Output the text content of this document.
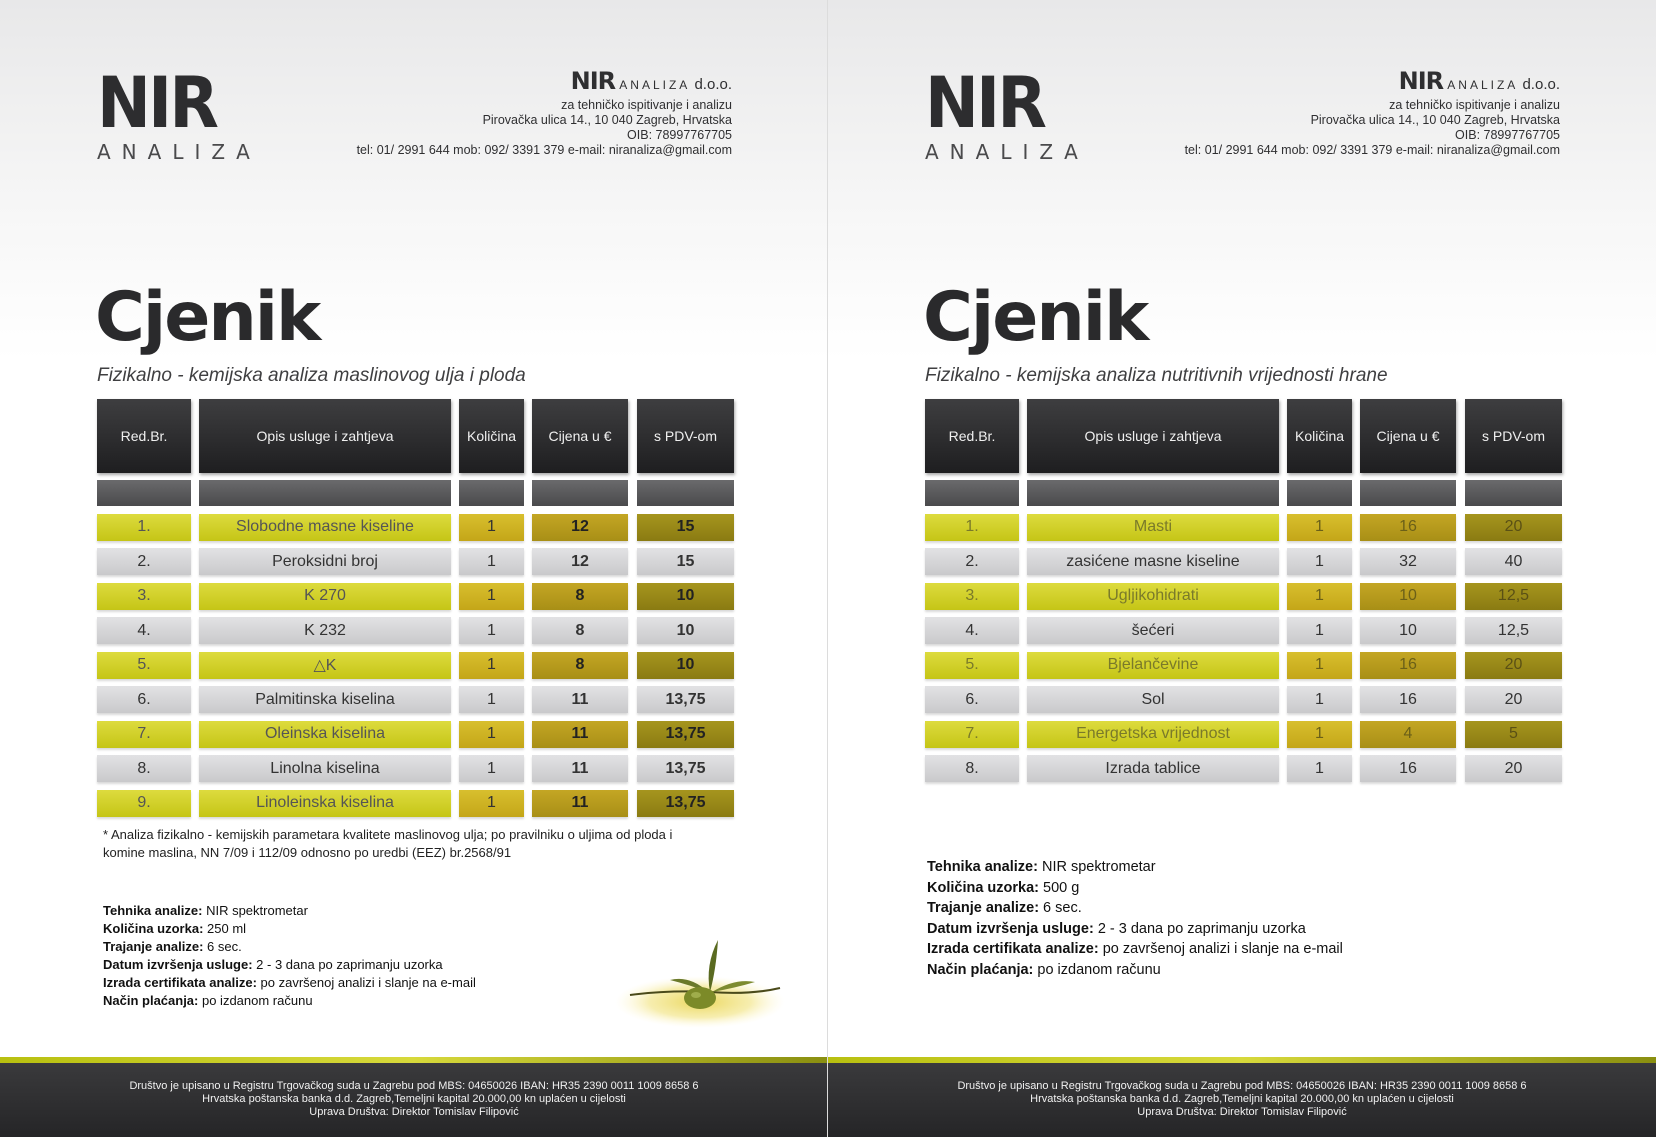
NIR
ANALIZA
NIR ANALIZA d.o.o.
za tehničko ispitivanje i analizu
Pirovačka ulica 14., 10 040 Zagreb, Hrvatska
OIB: 78997767705
tel: 01/ 2991 644 mob: 092/ 3391 379 e-mail: niranaliza@gmail.com
Cjenik
Fizikalno - kemijska analiza maslinovog ulja i ploda
Red.Br.	Opis usluge i zahtjeva	Količina	Cijena u €	s PDV-om
1.	Slobodne masne kiseline	1	12	15
2.	Peroksidni broj	1	12	15
3.	K 270	1	8	10
4.	K 232	1	8	10
5.	△K	1	8	10
6.	Palmitinska kiselina	1	11	13,75
7.	Oleinska kiselina	1	11	13,75
8.	Linolna kiselina	1	11	13,75
9.	Linoleinska kiselina	1	11	13,75
* Analiza fizikalno - kemijskih parametara kvalitete maslinovog ulja; po pravilniku o uljima od ploda i
komine maslina, NN 7/09 i 112/09 odnosno po uredbi (EEZ) br.2568/91
Tehnika analize: NIR spektrometar
Količina uzorka: 250 ml
Trajanje analize: 6 sec.
Datum izvršenja usluge: 2 - 3 dana po zaprimanju uzorka
Izrada certifikata analize: po završenoj analizi i slanje na e-mail
Način plaćanja: po izdanom računu
Društvo je upisano u Registru Trgovačkog suda u Zagrebu pod MBS: 04650026 IBAN: HR35 2390 0011 1009 8658 6
Hrvatska poštanska banka d.d. Zagreb,Temeljni kapital 20.000,00 kn uplaćen u cijelosti
Uprava Društva: Direktor Tomislav Filipović
NIR
ANALIZA
NIR ANALIZA d.o.o.
za tehničko ispitivanje i analizu
Pirovačka ulica 14., 10 040 Zagreb, Hrvatska
OIB: 78997767705
tel: 01/ 2991 644 mob: 092/ 3391 379 e-mail: niranaliza@gmail.com
Cjenik
Fizikalno - kemijska analiza nutritivnih vrijednosti hrane
Red.Br.	Opis usluge i zahtjeva	Količina	Cijena u €	s PDV-om
1.	Masti	1	16	20
2.	zasićene masne kiseline	1	32	40
3.	Ugljikohidrati	1	10	12,5
4.	šećeri	1	10	12,5
5.	Bjelančevine	1	16	20
6.	Sol	1	16	20
7.	Energetska vrijednost	1	4	5
8.	Izrada tablice	1	16	20
Tehnika analize: NIR spektrometar
Količina uzorka: 500 g
Trajanje analize: 6 sec.
Datum izvršenja usluge: 2 - 3 dana po zaprimanju uzorka
Izrada certifikata analize: po završenoj analizi i slanje na e-mail
Način plaćanja: po izdanom računu
Društvo je upisano u Registru Trgovačkog suda u Zagrebu pod MBS: 04650026 IBAN: HR35 2390 0011 1009 8658 6
Hrvatska poštanska banka d.d. Zagreb,Temeljni kapital 20.000,00 kn uplaćen u cijelosti
Uprava Društva: Direktor Tomislav Filipović
